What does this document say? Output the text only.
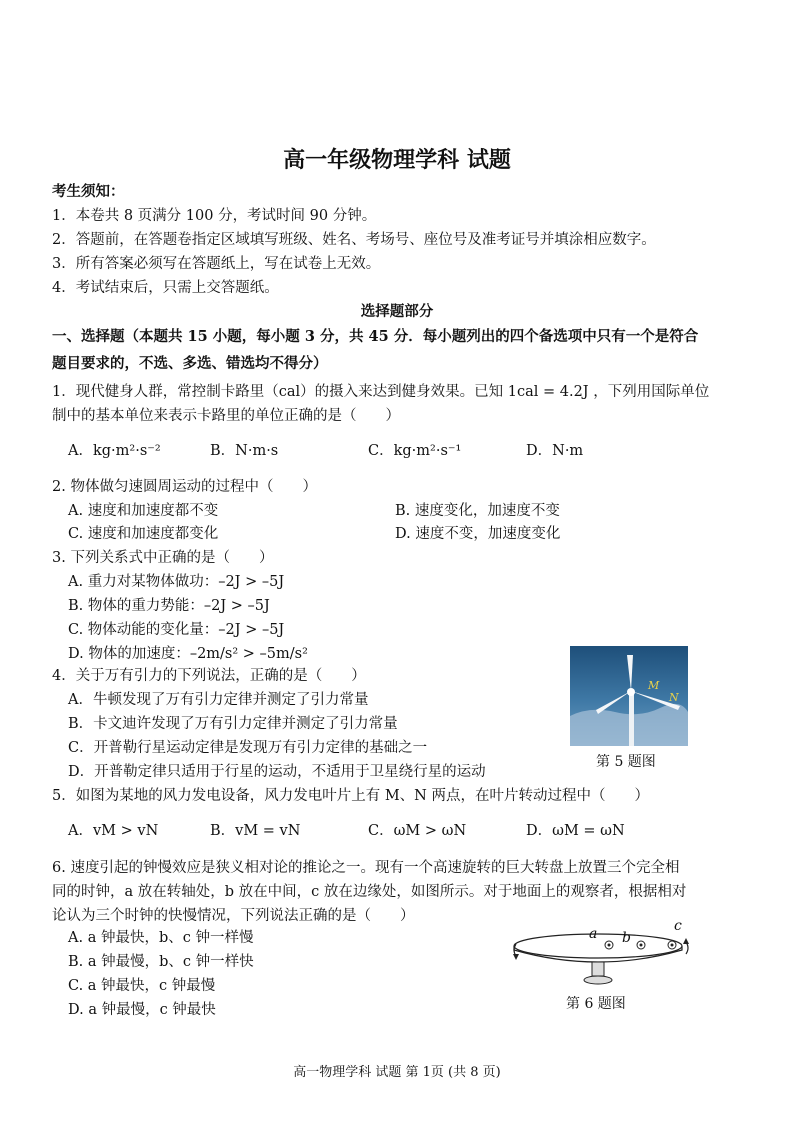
高一年级物理学科 试题
考生须知：
1．本卷共 8 页满分 100 分，考试时间 90 分钟。
2．答题前，在答题卷指定区域填写班级、姓名、考场号、座位号及准考证号并填涂相应数字。
3．所有答案必须写在答题纸上，写在试卷上无效。
4．考试结束后，只需上交答题纸。
选择题部分
一、选择题（本题共 15 小题，每小题 3 分，共 45 分．每小题列出的四个备选项中只有一个是符合
题目要求的，不选、多选、错选均不得分）
1．现代健身人群，常控制卡路里（cal）的摄入来达到健身效果。已知 1cal = 4.2J ，下列用国际单位
制中的基本单位来表示卡路里的单位正确的是（　　）
A．kg·m²·s⁻²	B．N·m·s	C．kg·m²·s⁻¹	D．N·m
2. 物体做匀速圆周运动的过程中（　　）
A. 速度和加速度都不变	B. 速度变化，加速度不变
C. 速度和加速度都变化	D. 速度不变，加速度变化
3. 下列关系式中正确的是（　　）
A. 重力对某物体做功：–2J > –5J
B. 物体的重力势能：–2J > –5J
C. 物体动能的变化量：–2J > –5J
D. 物体的加速度：–2m/s² > –5m/s²
4．关于万有引力的下列说法，正确的是（　　）
A．牛顿发现了万有引力定律并测定了引力常量
B．卡文迪许发现了万有引力定律并测定了引力常量
C．开普勒行星运动定律是发现万有引力定律的基础之一
D．开普勒定律只适用于行星的运动，不适用于卫星绕行星的运动
M
N
第 5 题图
5．如图为某地的风力发电设备，风力发电叶片上有 M、N 两点，在叶片转动过程中（　　）
A．vM > vN	B．vM = vN	C．ωM > ωN	D．ωM = ωN
6. 速度引起的钟慢效应是狭义相对论的推论之一。现有一个高速旋转的巨大转盘上放置三个完全相
同的时钟，a 放在转轴处，b 放在中间，c 放在边缘处，如图所示。对于地面上的观察者，根据相对
论认为三个时钟的快慢情况，下列说法正确的是（　　）
A. a 钟最快，b、c 钟一样慢
B. a 钟最慢，b、c 钟一样快
C. a 钟最快，c 钟最慢
D. a 钟最慢，c 钟最快
a b
c
第 6 题图
高一物理学科 试题 第 1页 (共 8 页)
